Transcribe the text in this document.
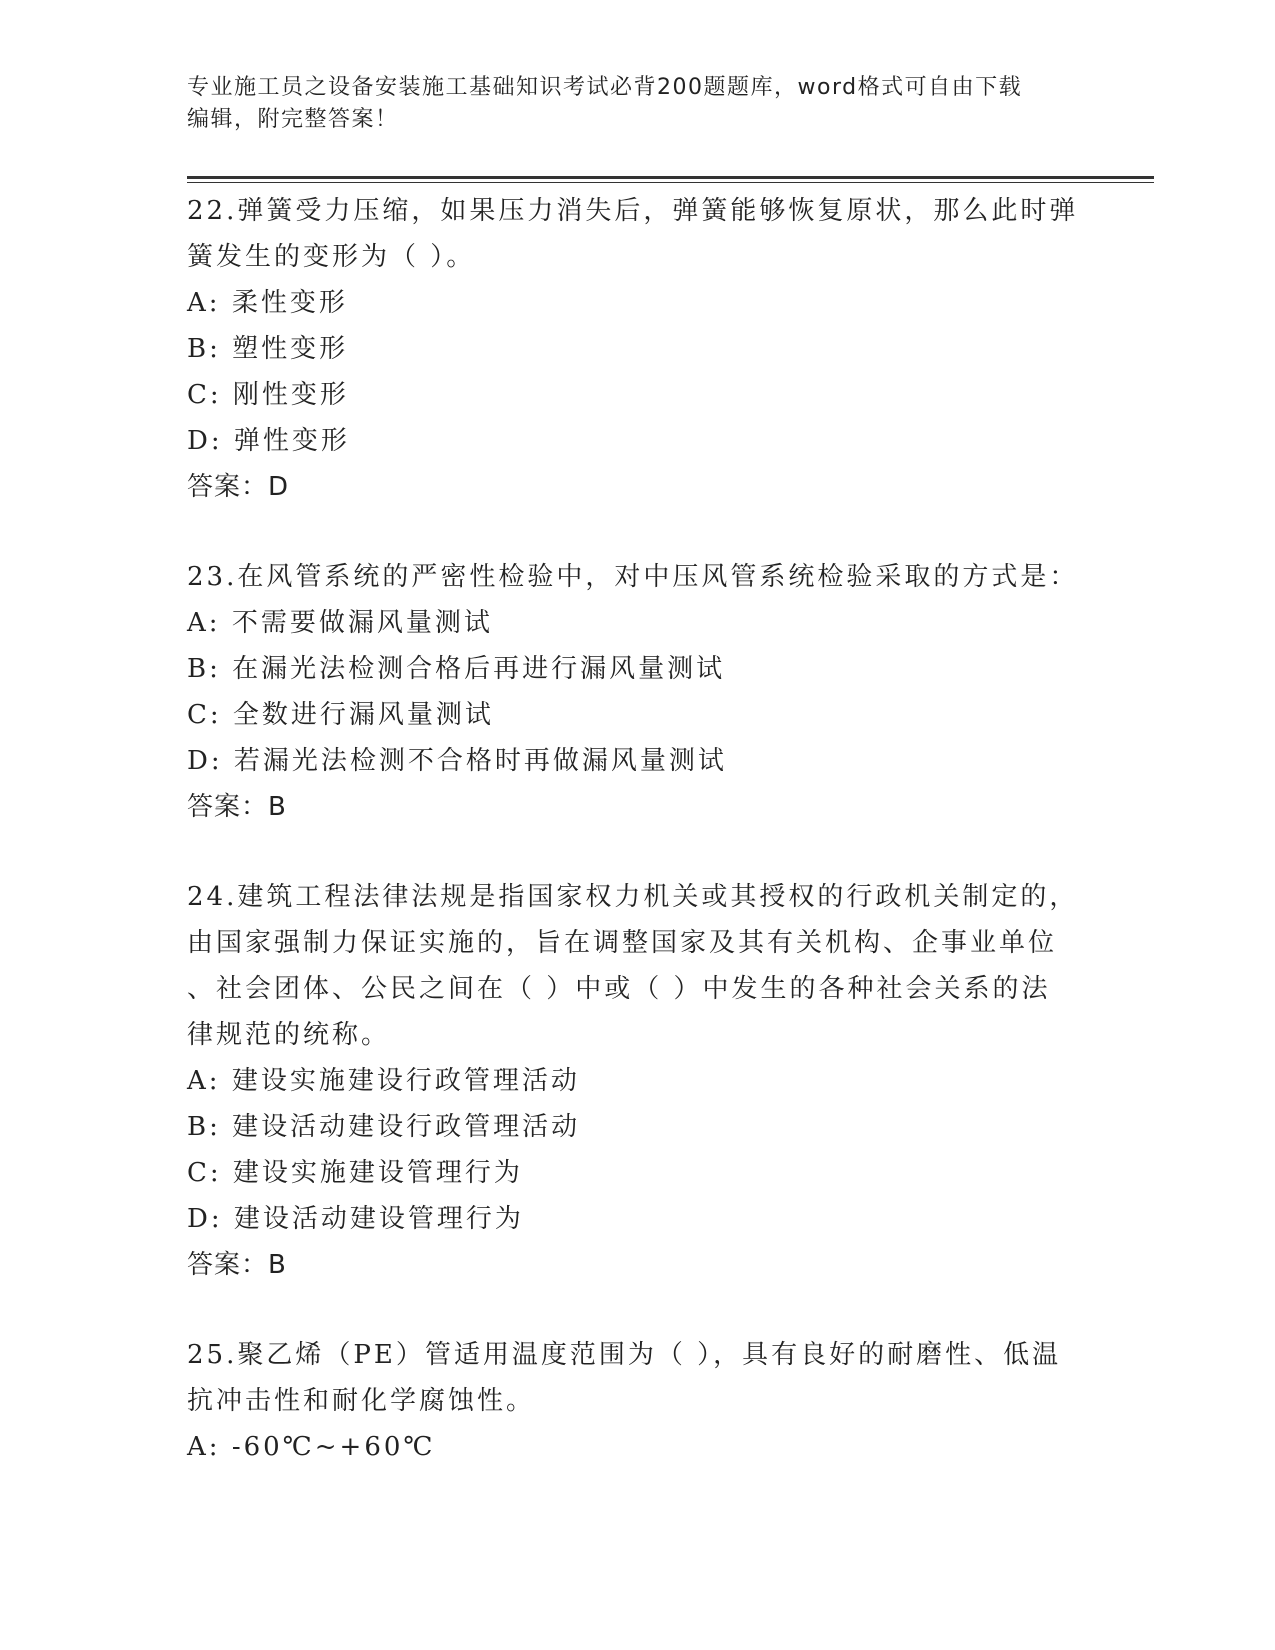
专业施工员之设备安装施工基础知识考试必背200题题库，word格式可自由下载
编辑，附完整答案！
22.弹簧受力压缩，如果压力消失后，弹簧能够恢复原状，那么此时弹
簧发生的变形为（ ）。
A: 柔性变形
B: 塑性变形
C: 刚性变形
D: 弹性变形
答案：D
23.在风管系统的严密性检验中，对中压风管系统检验采取的方式是：
A: 不需要做漏风量测试
B: 在漏光法检测合格后再进行漏风量测试
C: 全数进行漏风量测试
D: 若漏光法检测不合格时再做漏风量测试
答案：B
24.建筑工程法律法规是指国家权力机关或其授权的行政机关制定的，
由国家强制力保证实施的，旨在调整国家及其有关机构、企事业单位
、社会团体、公民之间在（ ）中或（ ）中发生的各种社会关系的法
律规范的统称。
A: 建设实施建设行政管理活动
B: 建设活动建设行政管理活动
C: 建设实施建设管理行为
D: 建设活动建设管理行为
答案：B
25.聚乙烯（PE）管适用温度范围为（ ），具有良好的耐磨性、低温
抗冲击性和耐化学腐蚀性。
A: -60℃~+60℃
